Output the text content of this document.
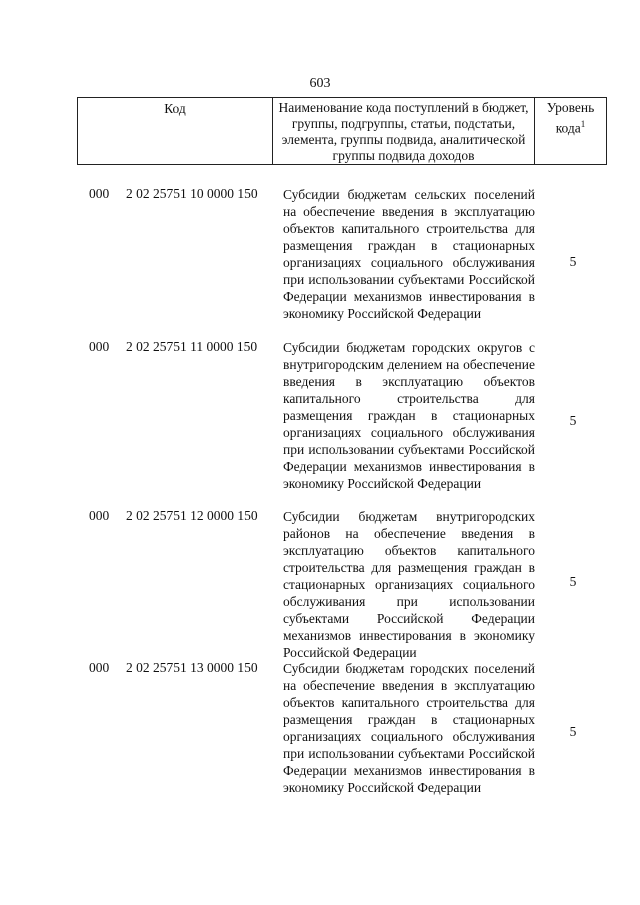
603
Код	Наименование кода поступлений в бюджет, группы, подгруппы, статьи, подстатьи, элемента, группы подвида, аналитической группы подвида доходов
Уровень кода$^1$
000 2 02 25751 10 0000 150 Субсидии бюджетам сельских поселений на обеспечение введения в эксплуатацию объектов капитального строительства для размещения граждан в стационарных организациях социального обслуживания при использовании субъектами Российской Федерации механизмов инвестирования в экономику Российской Федерации
5
000 2 02 25751 11 0000 150 Субсидии бюджетам городских округов с внутригородским делением на обеспечение введения в эксплуатацию объектов капитального строительства для размещения граждан в стационарных организациях социального обслуживания при использовании субъектами Российской Федерации механизмов инвестирования в экономику Российской Федерации
5
000 2 02 25751 12 0000 150 Субсидии бюджетам внутригородских районов на обеспечение введения в эксплуатацию объектов капитального строительства для размещения граждан в стационарных организациях социального обслуживания при использовании субъектами Российской Федерации механизмов инвестирования в экономику Российской Федерации
5
000 2 02 25751 13 0000 150 Субсидии бюджетам городских поселений на обеспечение введения в эксплуатацию объектов капитального строительства для размещения граждан в стационарных организациях социального обслуживания при использовании субъектами Российской Федерации механизмов инвестирования в экономику Российской Федерации
5
